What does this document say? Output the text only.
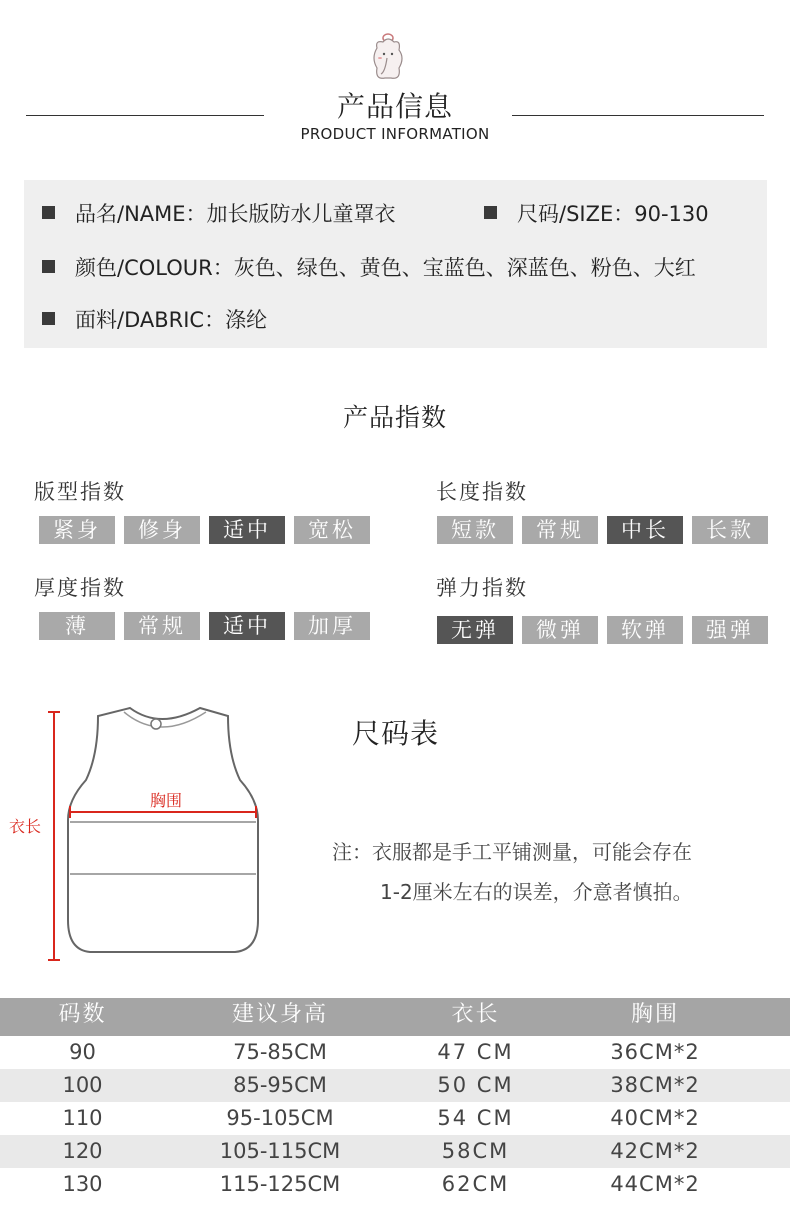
产品信息
PRODUCT INFORMATION
品名/NAME：加长版防水儿童罩衣	尺码/SIZE：90-130
颜色/COLOUR：灰色、绿色、黄色、宝蓝色、深蓝色、粉色、大红
面料/DABRIC：涤纶
产品指数
版型指数
紧身	修身	适中	宽松
长度指数
短款	常规	中长	长款
厚度指数
薄	常规	适中	加厚
弹力指数
无弹	微弹	软弹	强弹
衣长
胸围
尺码表
注：衣服都是手工平铺测量，可能会存在
1-2厘米左右的误差，介意者慎拍。
码数	建议身高	衣长	胸围
90	75-85CM	47 CM	36CM*2
100	85-95CM	50 CM	38CM*2
110	95-105CM	54 CM	40CM*2
120	105-115CM	58CM	42CM*2
130	115-125CM	62CM	44CM*2
